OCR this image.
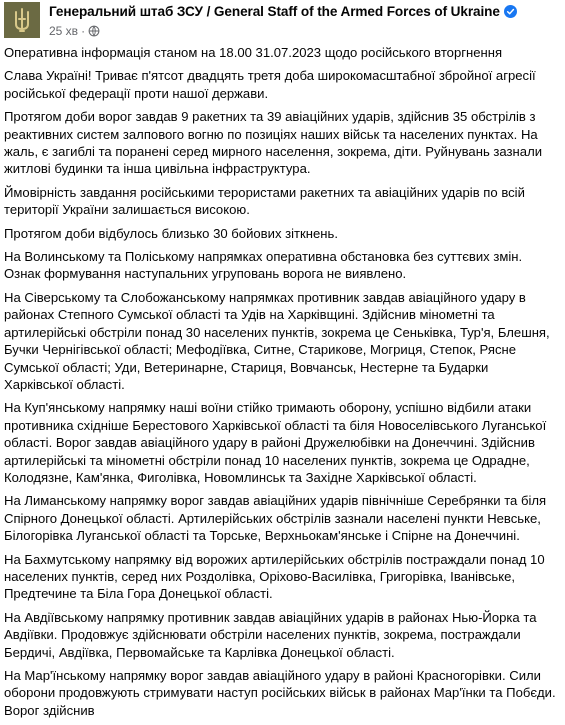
Генеральний штаб ЗСУ / General Staff of the Armed Forces of Ukraine
25 хв ·

Оперативна інформація станом на 18.00 31.07.2023 щодо російського вторгнення

Слава Україні! Триває п'ятсот двадцять третя доба широкомасштабної збройної агресії російської федерації проти нашої держави.

Протягом доби ворог завдав 9 ракетних та 39 авіаційних ударів, здійснив 35 обстрілів з реактивних систем залпового вогню по позиціях наших військ та населених пунктах. На жаль, є загиблі та поранені серед мирного населення, зокрема, діти. Руйнувань зазнали житлові будинки та інша цивільна інфраструктура.

Ймовірність завдання російськими терористами ракетних та авіаційних ударів по всій території України залишається високою.

Протягом доби відбулось близько 30 бойових зіткнень.

На Волинському та Поліському напрямках оперативна обстановка без суттєвих змін. Ознак формування наступальних угруповань ворога не виявлено.

На Сіверському та Слобожанському напрямках противник завдав авіаційного удару в районах Степного Сумської області та Удів на Харківщині. Здійснив мінометні та артилерійські обстріли понад 30 населених пунктів, зокрема це Сеньківка, Тур'я, Блешня, Бучки Чернігівської області; Мефодіївка, Ситне, Старикове, Могриця, Степок, Рясне Сумської області; Уди, Ветеринарне, Стариця, Вовчанськ, Нестерне та Бударки Харківської області.

На Куп'янському напрямку наші воїни стійко тримають оборону, успішно відбили атаки противника східніше Берестового Харківської області та біля Новоселівського Луганської області. Ворог завдав авіаційного удару в районі Дружелюбівки на Донеччині. Здійснив артилерійські та мінометні обстріли понад 10 населених пунктів, зокрема це Одрадне, Колодязне, Кам'янка, Фиголівка, Новомлинськ та Західне Харківської області.

На Лиманському напрямку ворог завдав авіаційних ударів північніше Серебрянки та біля Спірного Донецької області. Артилерійських обстрілів зазнали населені пункти Невське, Білогорівка Луганської області та Торське, Верхньокам'янське і Спірне на Донеччині.

На Бахмутському напрямку від ворожих артилерійських обстрілів постраждали понад 10 населених пунктів, серед них Роздолівка, Оріхово-Василівка, Григорівка, Іванівське, Предтечине та Біла Гора Донецької області.

На Авдіївському напрямку противник завдав авіаційних ударів в районах Нью-Йорка та Авдіївки. Продовжує здійснювати обстріли населених пунктів, зокрема, постраждали Бердичі, Авдіївка, Первомайське та Карлівка Донецької області.

На Мар'їнському напрямку ворог завдав авіаційного удару в районі Красногорівки. Сили оборони продовжують стримувати наступ російських військ в районах Мар'їнки та Побєди. Ворог здійснив
